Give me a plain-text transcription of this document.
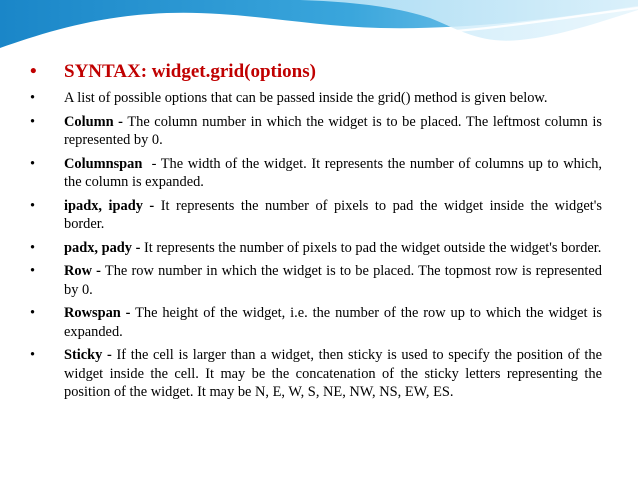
•	SYNTAX: widget.grid(options)
•	A list of possible options that can be passed inside the grid() method is given below.
•	Column - The column number in which the widget is to be placed. The leftmost column is represented by 0.
•	Columnspan  - The width of the widget. It represents the number of columns up to which, the column is expanded.
•	ipadx, ipady - It represents the number of pixels to pad the widget inside the widget's border.
•	padx, pady - It represents the number of pixels to pad the widget outside the widget's border.
•	Row - The row number in which the widget is to be placed. The topmost row is represented by 0.
•	Rowspan - The height of the widget, i.e. the number of the row up to which the widget is expanded.
•	Sticky - If the cell is larger than a widget, then sticky is used to specify the position of the widget inside the cell. It may be the concatenation of the sticky letters representing the position of the widget. It may be N, E, W, S, NE, NW, NS, EW, ES.
